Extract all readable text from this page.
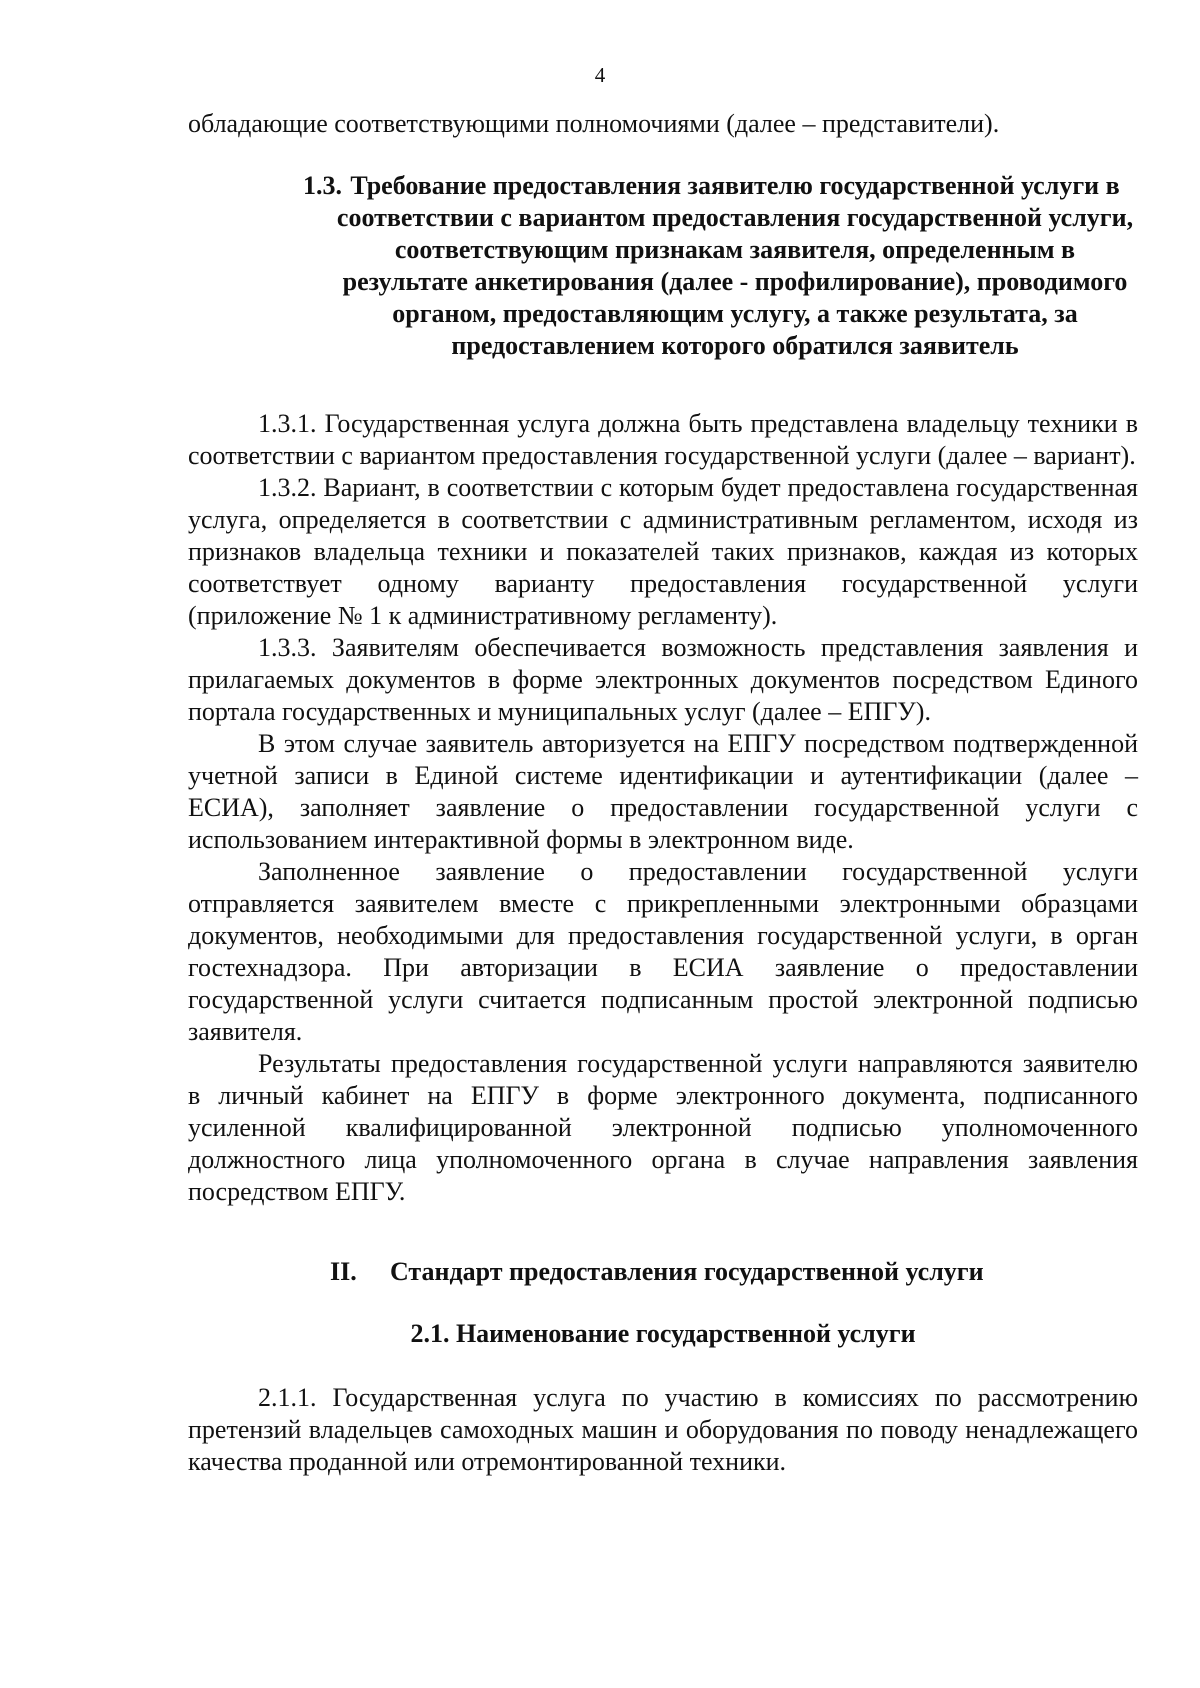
4

обладающие соответствующими полномочиями (далее – представители).

1.3. Требование предоставления заявителю государственной услуги в соответствии с вариантом предоставления государственной услуги, соответствующим признакам заявителя, определенным в результате анкетирования (далее - профилирование), проводимого органом, предоставляющим услугу, а также результата, за предоставлением которого обратился заявитель

1.3.1. Государственная услуга должна быть представлена владельцу техники в соответствии с вариантом предоставления государственной услуги (далее – вариант).

1.3.2. Вариант, в соответствии с которым будет предоставлена государственная услуга, определяется в соответствии с административным регламентом, исходя из признаков владельца техники и показателей таких признаков, каждая из которых соответствует одному варианту предоставления государственной услуги (приложение № 1 к административному регламенту).

1.3.3. Заявителям обеспечивается возможность представления заявления и прилагаемых документов в форме электронных документов посредством Единого портала государственных и муниципальных услуг (далее – ЕПГУ).

В этом случае заявитель авторизуется на ЕПГУ посредством подтвержденной учетной записи в Единой системе идентификации и аутентификации (далее – ЕСИА), заполняет заявление о предоставлении государственной услуги с использованием интерактивной формы в электронном виде.

Заполненное заявление о предоставлении государственной услуги отправляется заявителем вместе с прикрепленными электронными образцами документов, необходимыми для предоставления государственной услуги, в орган гостехнадзора. При авторизации в ЕСИА заявление о предоставлении государственной услуги считается подписанным простой электронной подписью заявителя.

Результаты предоставления государственной услуги направляются заявителю в личный кабинет на ЕПГУ в форме электронного документа, подписанного усиленной квалифицированной электронной подписью уполномоченного должностного лица уполномоченного органа в случае направления заявления посредством ЕПГУ.

II. Стандарт предоставления государственной услуги
2.1. Наименование государственной услуги

2.1.1. Государственная услуга по участию в комиссиях по рассмотрению претензий владельцев самоходных машин и оборудования по поводу ненадлежащего качества проданной или отремонтированной техники.
